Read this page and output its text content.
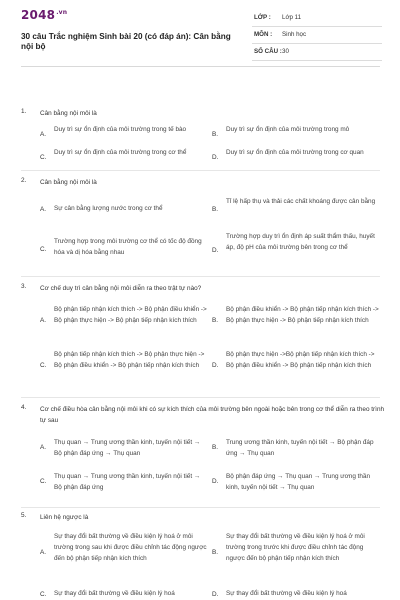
$2048^{.vn}$
30 câu Trắc nghiệm Sinh bài 20 (có đáp án): Cân bằng nội bộ
LỚP : Lớp 11
MÔN : Sinh học
SỐ CÂU : 30
1. Cân bằng nội môi là
A.
Duy trì sự ổn định của môi trường trong tế bào
B.
Duy trì sự ổn định của môi trường trong mô
C.
Duy trì sự ổn định của môi trường trong cơ thể
D.
Duy trì sự ổn định của môi trường trong cơ quan
2. Cân bằng nội môi là
A. Sự cân bằng lượng nước trong cơ thể	B.
Tỉ lệ hấp thụ và thải các chất khoáng được cân bằng
C.
Trường hợp trong môi trường cơ thể có tốc độ đồng hóa và dị hóa bằng nhau	D.
Trường hợp duy trì ổn định áp suất thẩm thấu, huyết áp, độ pH của môi trường bên trong cơ thể
3. Cơ chế duy trì cân bằng nội môi diễn ra theo trật tự nào?
A.
Bộ phận tiếp nhận kích thích -> Bộ phận điều khiển -> Bộ phận thực hiện -> Bộ phận tiếp nhận kích thích	B.
Bộ phận điều khiển -> Bộ phận tiếp nhận kích thích -> Bộ phận thực hiện -> Bộ phận tiếp nhận kích thích
C.
Bộ phận tiếp nhận kích thích -> Bộ phận thực hiện -> Bộ phận điều khiển -> Bộ phận tiếp nhận kích thích	D.
Bộ phận thực hiện ->Bộ phận tiếp nhận kích thích -> Bộ phận điều khiển -> Bộ phận tiếp nhận kích thích
4. Cơ chế điều hòa cân bằng nội môi khi có sự kích thích của môi trường bên ngoài hoặc bên trong cơ thể diễn ra theo trình tự sau
A.
Thụ quan → Trung ương thần kinh, tuyến nội tiết → Bộ phận đáp ứng → Thụ quan
B.
Trung ương thần kinh, tuyến nội tiết → Bộ phận đáp ứng → Thụ quan
C.
Thụ quan → Trung ương thần kinh, tuyến nội tiết → Bộ phận đáp ứng
D.
Bộ phận đáp ứng → Thụ quan → Trung ương thần kinh, tuyến nội tiết → Thụ quan
5. Liên hệ ngược là
A.
Sự thay đổi bất thường về điều kiện lý hoá ở môi trường trong sau khi được điều chỉnh tác động ngược đến bộ phận tiếp nhận kích thích
B.
Sự thay đổi bất thường về điều kiện lý hoá ở môi trường trong trước khi được điều chỉnh tác động ngược đến bộ phận tiếp nhận kích thích
C. Sự thay đổi bất thường về điều kiện lý hoá	D. Sự thay đổi bất thường về điều kiện lý hoá
